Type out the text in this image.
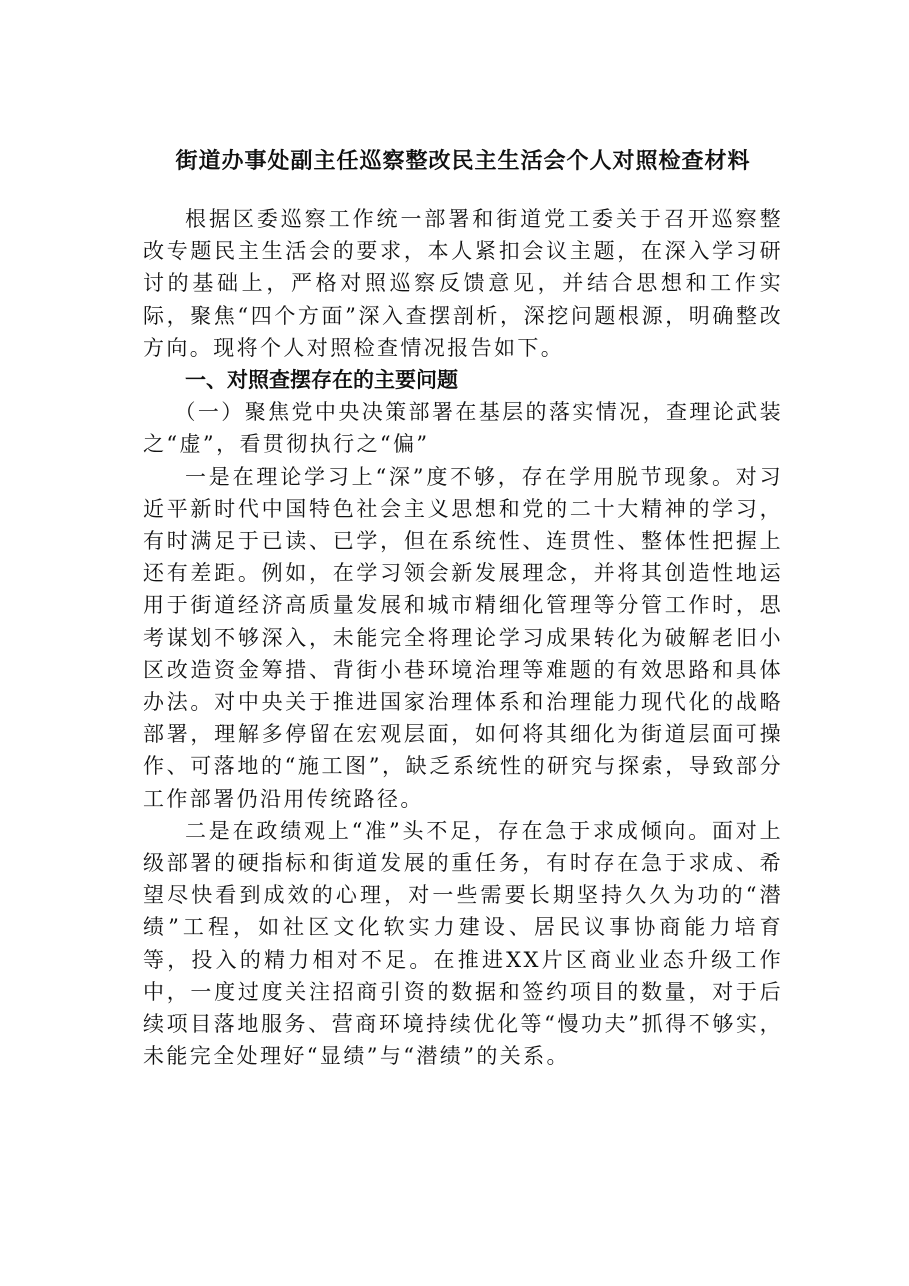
街道办事处副主任巡察整改民主生活会个人对照检查材料

根据区委巡察工作统一部署和街道党工委关于召开巡察整改专题民主生活会的要求，本人紧扣会议主题，在深入学习研讨的基础上，严格对照巡察反馈意见，并结合思想和工作实际，聚焦“四个方面”深入查摆剖析，深挖问题根源，明确整改方向。现将个人对照检查情况报告如下。

一、对照查摆存在的主要问题

（一）聚焦党中央决策部署在基层的落实情况，查理论武装之“虚”，看贯彻执行之“偏”

一是在理论学习上“深”度不够，存在学用脱节现象。对习近平新时代中国特色社会主义思想和党的二十大精神的学习，有时满足于已读、已学，但在系统性、连贯性、整体性把握上还有差距。例如，在学习领会新发展理念，并将其创造性地运用于街道经济高质量发展和城市精细化管理等分管工作时，思考谋划不够深入，未能完全将理论学习成果转化为破解老旧小区改造资金筹措、背街小巷环境治理等难题的有效思路和具体办法。对中央关于推进国家治理体系和治理能力现代化的战略部署，理解多停留在宏观层面，如何将其细化为街道层面可操作、可落地的“施工图”，缺乏系统性的研究与探索，导致部分工作部署仍沿用传统路径。

二是在政绩观上“准”头不足，存在急于求成倾向。面对上级部署的硬指标和街道发展的重任务，有时存在急于求成、希望尽快看到成效的心理，对一些需要长期坚持久久为功的“潜绩”工程，如社区文化软实力建设、居民议事协商能力培育等，投入的精力相对不足。在推进XX片区商业业态升级工作中，一度过度关注招商引资的数据和签约项目的数量，对于后续项目落地服务、营商环境持续优化等“慢功夫”抓得不够实，未能完全处理好“显绩”与“潜绩”的关系。
